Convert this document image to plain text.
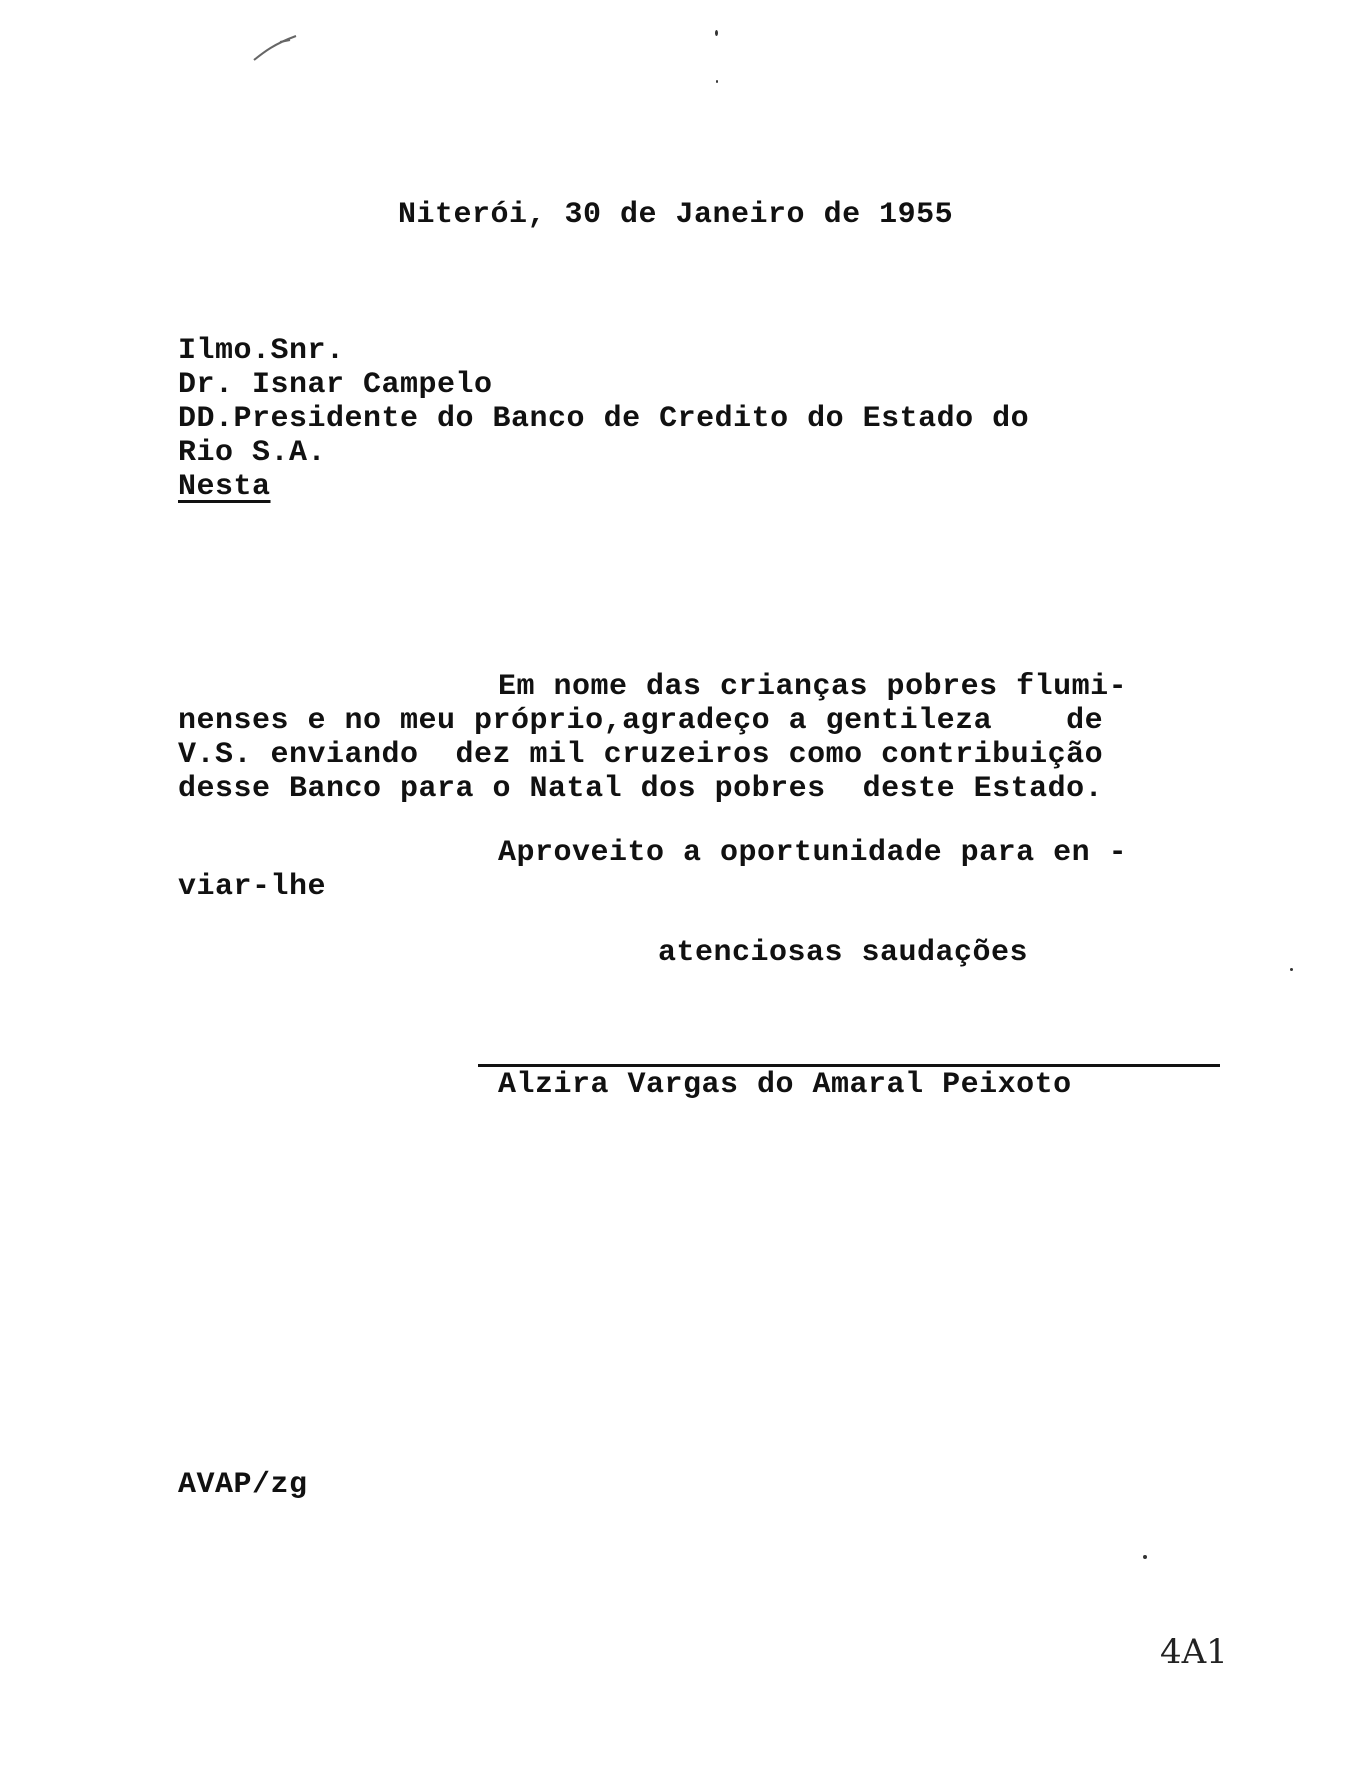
Niterói, 30 de Janeiro de 1955

Ilmo.Snr.

Dr. Isnar Campelo

DD.Presidente do Banco de Credito do Estado do

Rio S.A.

Nesta

Em nome das crianças pobres flumi-

nenses e no meu próprio,agradeço a gentileza    de

V.S. enviando  dez mil cruzeiros como contribuição

desse Banco para o Natal dos pobres  deste Estado.

Aproveito a oportunidade para en -

viar-lhe

atenciosas saudações

Alzira Vargas do Amaral Peixoto

AVAP/zg

4A1
